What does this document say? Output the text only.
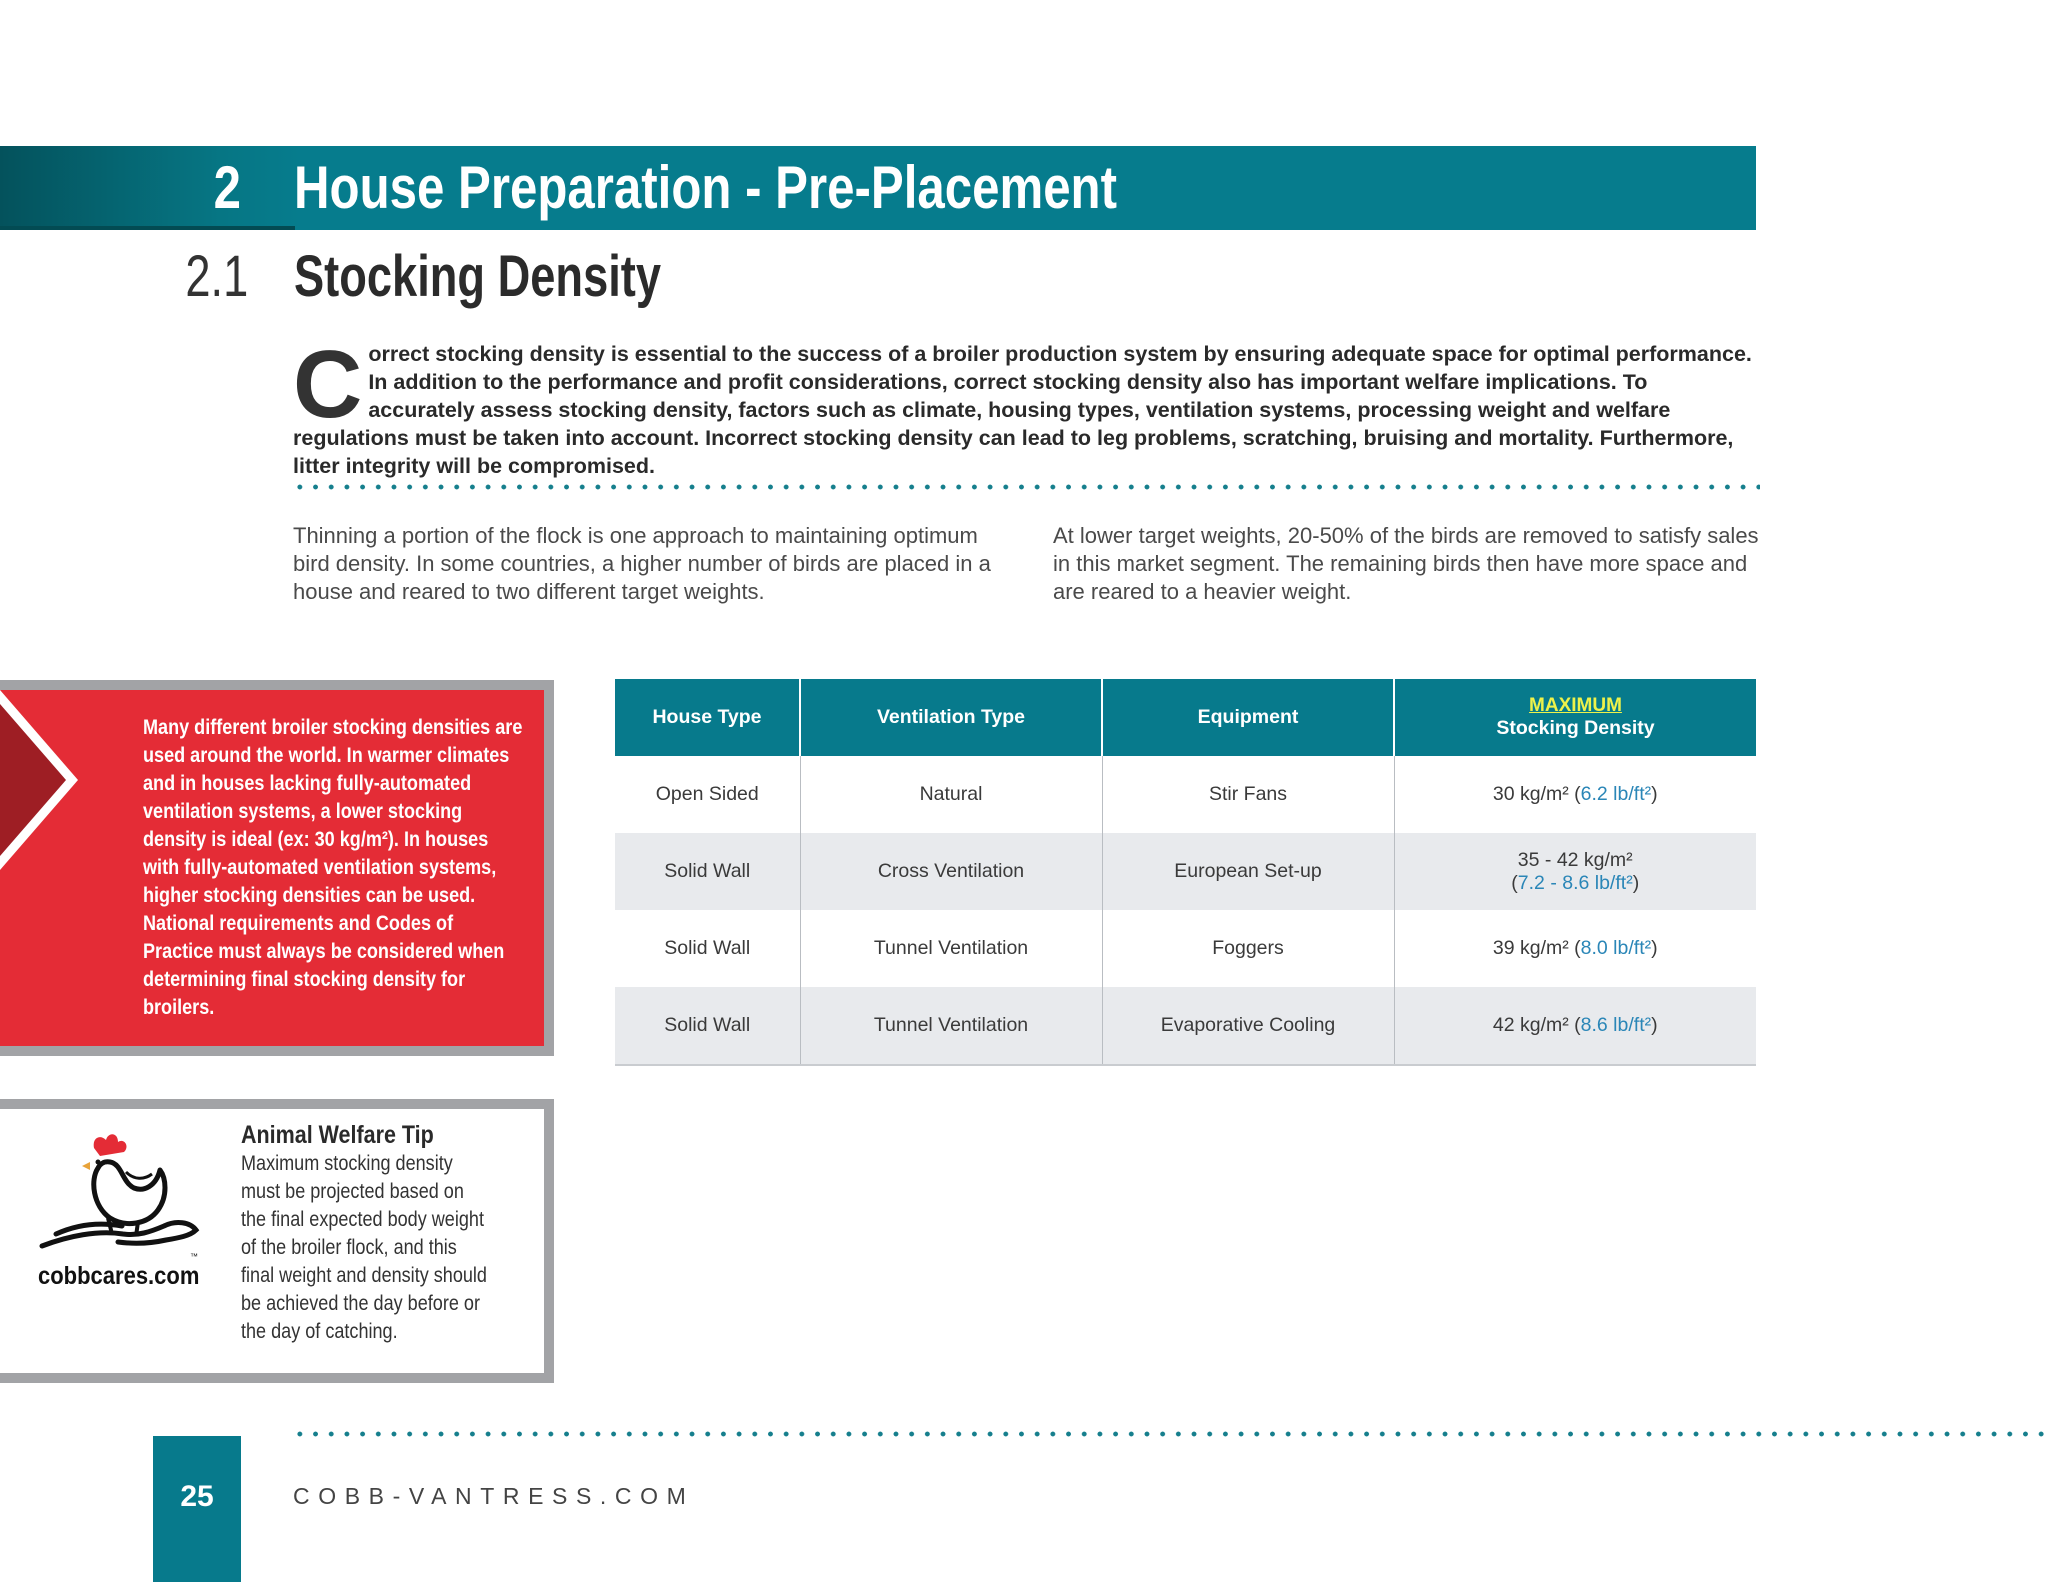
2 House Preparation - Pre-Placement
2.1 Stocking Density
Correct stocking density is essential to the success of a broiler production system by ensuring adequate space for optimal performance. In addition to the performance and profit considerations, correct stocking density also has important welfare implications. To accurately assess stocking density, factors such as climate, housing types, ventilation systems, processing weight and welfare regulations must be taken into account. Incorrect stocking density can lead to leg problems, scratching, bruising and mortality. Furthermore, litter integrity will be compromised.
Thinning a portion of the flock is one approach to maintaining optimum bird density. In some countries, a higher number of birds are placed in a house and reared to two different target weights.
At lower target weights, 20-50% of the birds are removed to satisfy sales in this market segment. The remaining birds then have more space and are reared to a heavier weight.
Many different broiler stocking densities are used around the world. In warmer climates and in houses lacking fully-automated ventilation systems, a lower stocking density is ideal (ex: 30 kg/m²). In houses with fully-automated ventilation systems, higher stocking densities can be used. National requirements and Codes of Practice must always be considered when determining final stocking density for broilers.
cobbcares.com
™
Animal Welfare Tip
Maximum stocking density must be projected based on the final expected body weight of the broiler flock, and this final weight and density should be achieved the day before or the day of catching.
House Type	Ventilation Type	Equipment	MAXIMUM
Stocking Density
Open Sided	Natural	Stir Fans	30 kg/m² (6.2 lb/ft²)
Solid Wall	Cross Ventilation	European Set-up	35 - 42 kg/m²
(7.2 - 8.6 lb/ft²)
Solid Wall	Tunnel Ventilation	Foggers	39 kg/m² (8.0 lb/ft²)
Solid Wall	Tunnel Ventilation	Evaporative Cooling	42 kg/m² (8.6 lb/ft²)
25	COBB-VANTRESS.COM
